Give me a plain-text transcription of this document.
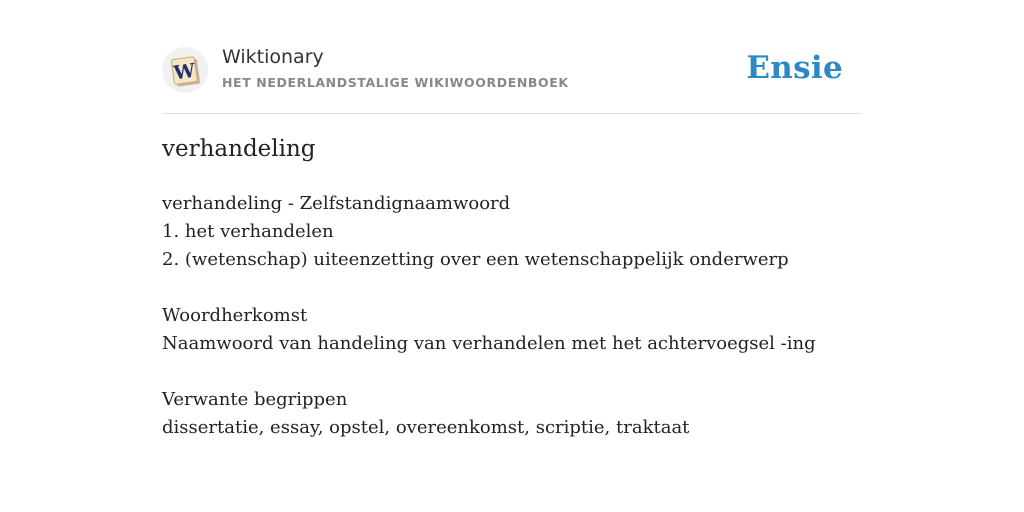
W
Wiktionary
HET NEDERLANDSTALIGE WIKIWOORDENBOEK	Ensie
verhandeling
verhandeling - Zelfstandignaamwoord
1. het verhandelen
2. (wetenschap) uiteenzetting over een wetenschappelijk onderwerp
Woordherkomst
Naamwoord van handeling van verhandelen met het achtervoegsel -ing
Verwante begrippen
dissertatie, essay, opstel, overeenkomst, scriptie, traktaat
